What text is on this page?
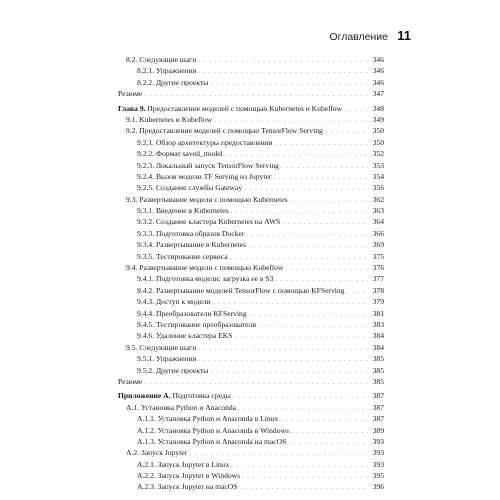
Оглавление 11
8.2. Следующие шаги . . .	346
8.2.1. Упражнения . . .	346
8.2.2. Другие проекты . . .	346
Резюме . . .	347
Глава 9. Предоставление моделей с помощью Kubernetes и Kubeflow . . .	348
9.1. Kubernetes и Kubeflow . . .	349
9.2. Предоставление моделей с помощью TensorFlow Serving . . .	350
9.2.1. Обзор архитектуры предоставления . . .	350
9.2.2. Формат saved_model . . .	352
9.2.3. Локальный запуск TensorFlow Serving . . .	353
9.2.4. Вызов модели TF Serving из Jupyter . . .	354
9.2.5. Создание службы Gateway . . .	356
9.3. Развертывание модели с помощью Kubernetes . . .	362
9.3.1. Введение в Kubernetes . . .	363
9.3.2. Создание кластера Kubernetes на AWS . . .	364
9.3.3. Подготовка образов Docker . . .	366
9.3.4. Развертывание в Kubernetes . . .	369
9.3.5. Тестирование сервиса . . .	375
9.4. Развертывание модели с помощью Kubeflow . . .	376
9.4.1. Подготовка модели: загрузка ее в S3 . . .	377
9.4.2. Развертывание моделей TensorFlow с помощью KFServing . . .	378
9.4.3. Доступ к модели . . .	379
9.4.4. Преобразователи KFServing . . .	381
9.4.5. Тестирование преобразователя . . .	383
9.4.6. Удаление кластера EKS . . .	384
9.5. Следующие шаги . . .	384
9.5.1. Упражнения . . .	385
9.5.2. Другие проекты . . .	385
Резюме . . .	385
Приложение А. Подготовка среды . . .	387
А.1. Установка Python и Anaconda . . .	387
А.1.1. Установка Python и Anaconda в Linux . . .	387
А.1.2. Установка Python и Anaconda в Windows . . .	389
А.1.3. Установка Python и Anaconda на macOS . . .	393
А.2. Запуск Jupyter . . .	393
А.2.1. Запуск Jupyter в Linux . . .	393
А.2.2. Запуск Jupyter в Windows . . .	395
А.2.3. Запуск Jupyter на macOS . . .	396
